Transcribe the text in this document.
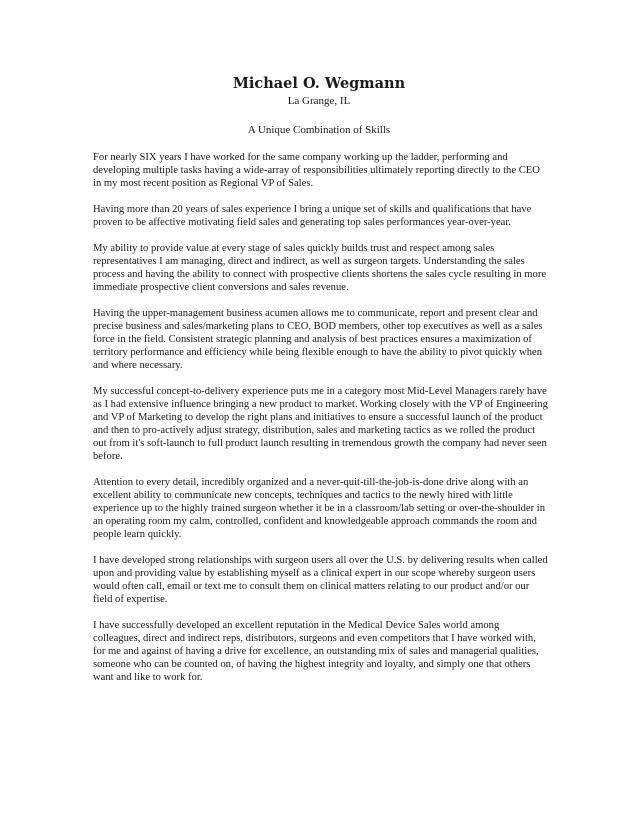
Michael O. Wegmann

La Grange, IL

A Unique Combination of Skills

For nearly SIX years I have worked for the same company working up the ladder, performing and developing multiple tasks having a wide-array of responsibilities ultimately reporting directly to the CEO in my most recent position as Regional VP of Sales.

Having more than 20 years of sales experience I bring a unique set of skills and qualifications that have proven to be affective motivating field sales and generating top sales performances year-over-year.

My ability to provide value at every stage of sales quickly builds trust and respect among sales representatives I am managing, direct and indirect, as well as surgeon targets. Understanding the sales process and having the ability to connect with prospective clients shortens the sales cycle resulting in more immediate prospective client conversions and sales revenue.

Having the upper-management business acumen allows me to communicate, report and present clear and precise business and sales/marketing plans to CEO, BOD members, other top executives as well as a sales force in the field. Consistent strategic planning and analysis of best practices ensures a maximization of territory performance and efficiency while being flexible enough to have the ability to pivot quickly when and where necessary.

My successful concept-to-delivery experience puts me in a category most Mid-Level Managers rarely have as I had extensive influence bringing a new product to market. Working closely with the VP of Engineering and VP of Marketing to develop the right plans and initiatives to ensure a successful launch of the product and then to pro-actively adjust strategy, distribution, sales and marketing tactics as we rolled the product out from it's soft-launch to full product launch resulting in tremendous growth the company had never seen before.

Attention to every detail, incredibly organized and a never-quit-till-the-job-is-done drive along with an excellent ability to communicate new concepts, techniques and tactics to the newly hired with little experience up to the highly trained surgeon whether it be in a classroom/lab setting or over-the-shoulder in an operating room my calm, controlled, confident and knowledgeable approach commands the room and people learn quickly.

I have developed strong relationships with surgeon users all over the U.S. by delivering results when called upon and providing value by establishing myself as a clinical expert in our scope whereby surgeon users would often call, email or text me to consult them on clinical matters relating to our product and/or our field of expertise.

I have successfully developed an excellent reputation in the Medical Device Sales world among colleagues, direct and indirect reps, distributors, surgeons and even competitors that I have worked with, for me and against of having a drive for excellence, an outstanding mix of sales and managerial qualities, someone who can be counted on, of having the highest integrity and loyalty, and simply one that others want and like to work for.
